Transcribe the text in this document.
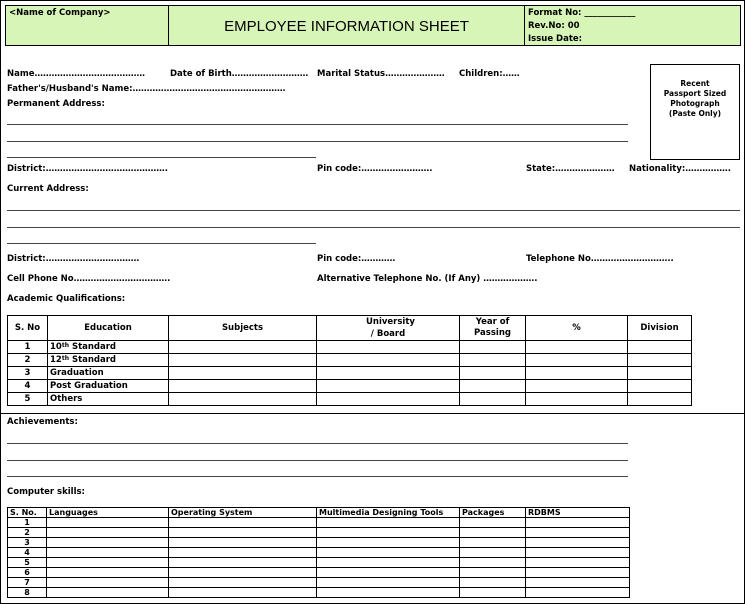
<Name of Company>
EMPLOYEE INFORMATION SHEET
Format No: ____________
Rev.No: 00
Issue Date:
Name…………………………………	Date of Birth……………………… Marital Status………………… Children:……
Father's/Husband's Name:………………………………………………
Permanent Address:
Recent Passport Sized Photograph (Paste Only)
District:…………………………………….	Pin code:…………………….	State:………………… Nationality:…………….
Current Address:
District:……………………………	Pin code:…………	Telephone No………………………..
Cell Phone No…………………………….	Alternative Telephone No. (If Any) ……………….
Academic Qualifications:
S. No	Education	Subjects	University / Board	Year of Passing	%	Division
1	10th Standard					
2	12th Standard					
3	Graduation					
4	Post Graduation					
5	Others					
Achievements:
Computer skills:
S. No.	Languages	Operating System	Multimedia Designing Tools	Packages	RDBMS
1					
2					
3					
4					
5					
6					
7					
8					
